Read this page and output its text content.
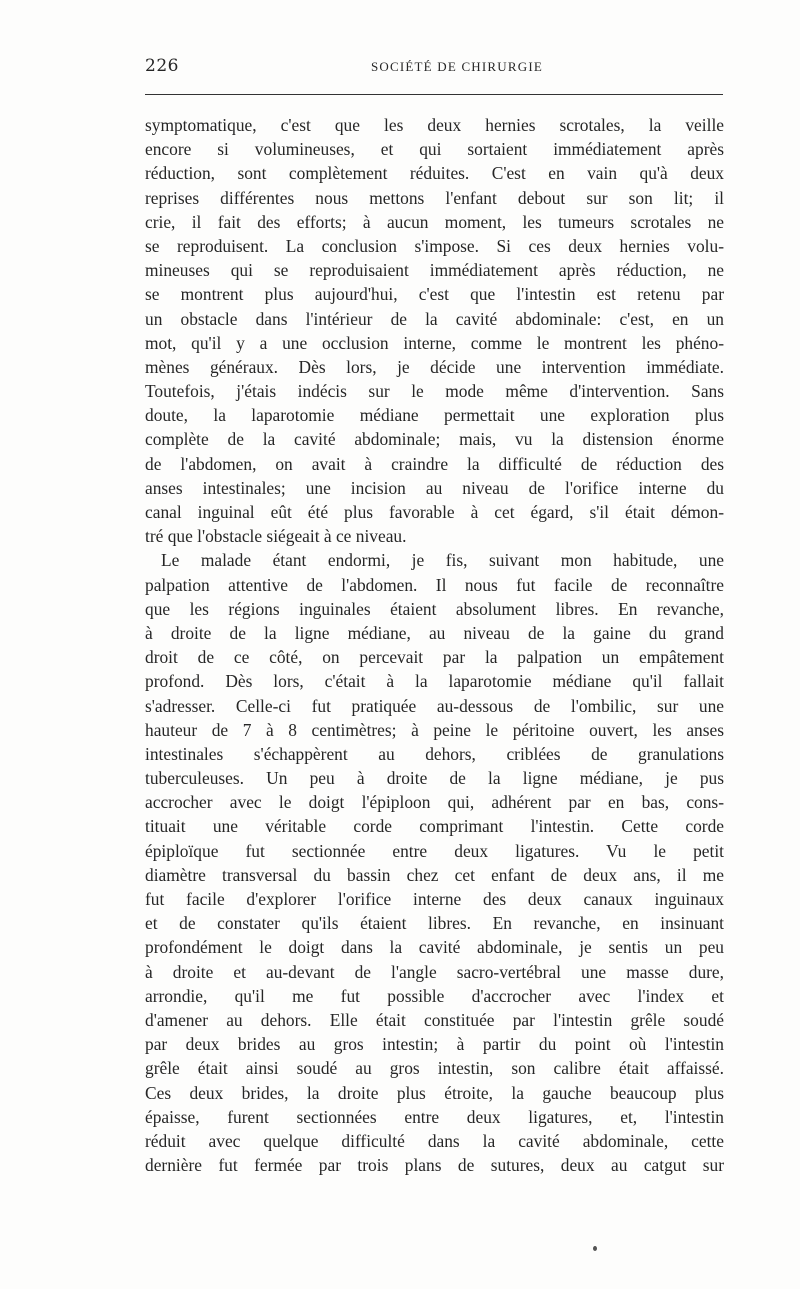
226	SOCIÉTÉ DE CHIRURGIE
symptomatique, c'est que les deux hernies scrotales, la veille
encore si volumineuses, et qui sortaient immédiatement après
réduction, sont complètement réduites. C'est en vain qu'à deux
reprises différentes nous mettons l'enfant debout sur son lit; il
crie, il fait des efforts; à aucun moment, les tumeurs scrotales ne
se reproduisent. La conclusion s'impose. Si ces deux hernies volu-
mineuses qui se reproduisaient immédiatement après réduction, ne
se montrent plus aujourd'hui, c'est que l'intestin est retenu par
un obstacle dans l'intérieur de la cavité abdominale: c'est, en un
mot, qu'il y a une occlusion interne, comme le montrent les phéno-
mènes généraux. Dès lors, je décide une intervention immédiate.
Toutefois, j'étais indécis sur le mode même d'intervention. Sans
doute, la laparotomie médiane permettait une exploration plus
complète de la cavité abdominale; mais, vu la distension énorme
de l'abdomen, on avait à craindre la difficulté de réduction des
anses intestinales; une incision au niveau de l'orifice interne du
canal inguinal eût été plus favorable à cet égard, s'il était démon-
tré que l'obstacle siégeait à ce niveau.
Le malade étant endormi, je fis, suivant mon habitude, une
palpation attentive de l'abdomen. Il nous fut facile de reconnaître
que les régions inguinales étaient absolument libres. En revanche,
à droite de la ligne médiane, au niveau de la gaine du grand
droit de ce côté, on percevait par la palpation un empâtement
profond. Dès lors, c'était à la laparotomie médiane qu'il fallait
s'adresser. Celle-ci fut pratiquée au-dessous de l'ombilic, sur une
hauteur de 7 à 8 centimètres; à peine le péritoine ouvert, les anses
intestinales s'échappèrent au dehors, criblées de granulations
tuberculeuses. Un peu à droite de la ligne médiane, je pus
accrocher avec le doigt l'épiploon qui, adhérent par en bas, cons-
tituait une véritable corde comprimant l'intestin. Cette corde
épiploïque fut sectionnée entre deux ligatures. Vu le petit
diamètre transversal du bassin chez cet enfant de deux ans, il me
fut facile d'explorer l'orifice interne des deux canaux inguinaux
et de constater qu'ils étaient libres. En revanche, en insinuant
profondément le doigt dans la cavité abdominale, je sentis un peu
à droite et au-devant de l'angle sacro-vertébral une masse dure,
arrondie, qu'il me fut possible d'accrocher avec l'index et
d'amener au dehors. Elle était constituée par l'intestin grêle soudé
par deux brides au gros intestin; à partir du point où l'intestin
grêle était ainsi soudé au gros intestin, son calibre était affaissé.
Ces deux brides, la droite plus étroite, la gauche beaucoup plus
épaisse, furent sectionnées entre deux ligatures, et, l'intestin
réduit avec quelque difficulté dans la cavité abdominale, cette
dernière fut fermée par trois plans de sutures, deux au catgut sur
